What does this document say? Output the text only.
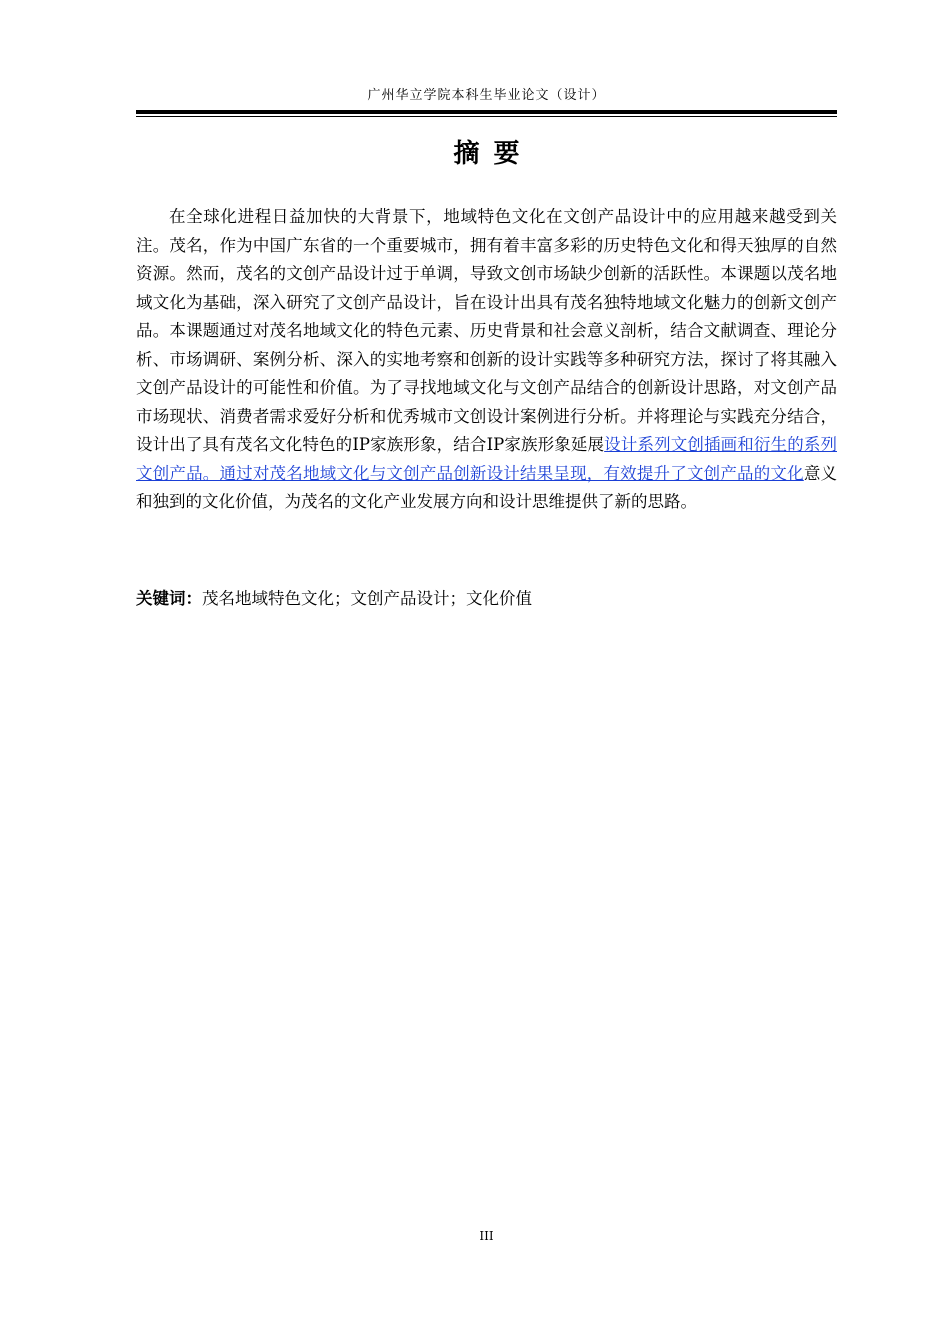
广州华立学院本科生毕业论文（设计）
摘要

在全球化进程日益加快的大背景下，地域特色文化在文创产品设计中的应用越来越受到关注。茂名，作为中国广东省的一个重要城市，拥有着丰富多彩的历史特色文化和得天独厚的自然资源。然而，茂名的文创产品设计过于单调，导致文创市场缺少创新的活跃性。本课题以茂名地域文化为基础，深入研究了文创产品设计，旨在设计出具有茂名独特地域文化魅力的创新文创产品。本课题通过对茂名地域文化的特色元素、历史背景和社会意义剖析，结合文献调查、理论分析、市场调研、案例分析、深入的实地考察和创新的设计实践等多种研究方法，探讨了将其融入文创产品设计的可能性和价值。为了寻找地域文化与文创产品结合的创新设计思路，对文创产品市场现状、消费者需求爱好分析和优秀城市文创设计案例进行分析。并将理论与实践充分结合，设计出了具有茂名文化特色的IP家族形象，结合IP家族形象延展设计系列文创插画和衍生的系列文创产品。通过对茂名地域文化与文创产品创新设计结果呈现，有效提升了文创产品的文化意义和独到的文化价值，为茂名的文化产业发展方向和设计思维提供了新的思路。

关键词：茂名地域特色文化；文创产品设计；文化价值
III
